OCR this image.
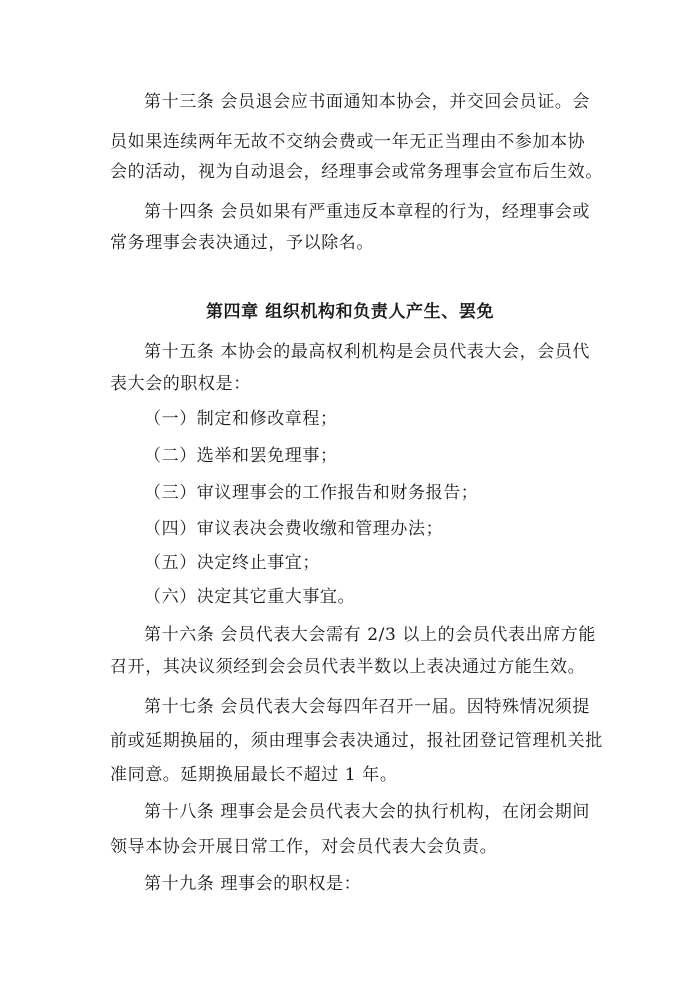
第十三条 会员退会应书面通知本协会，并交回会员证。会

员如果连续两年无故不交纳会费或一年无正当理由不参加本协

会的活动，视为自动退会，经理事会或常务理事会宣布后生效。

第十四条 会员如果有严重违反本章程的行为，经理事会或

常务理事会表决通过，予以除名。

第四章 组织机构和负责人产生、罢免

第十五条 本协会的最高权利机构是会员代表大会，会员代

表大会的职权是：

（一）制定和修改章程；

（二）选举和罢免理事；

（三）审议理事会的工作报告和财务报告；

（四）审议表决会费收缴和管理办法；

（五）决定终止事宜；

（六）决定其它重大事宜。

第十六条 会员代表大会需有 2/3 以上的会员代表出席方能

召开，其决议须经到会会员代表半数以上表决通过方能生效。

第十七条 会员代表大会每四年召开一届。因特殊情况须提

前或延期换届的，须由理事会表决通过，报社团登记管理机关批

准同意。延期换届最长不超过 1 年。

第十八条 理事会是会员代表大会的执行机构，在闭会期间

领导本协会开展日常工作，对会员代表大会负责。

第十九条 理事会的职权是：
